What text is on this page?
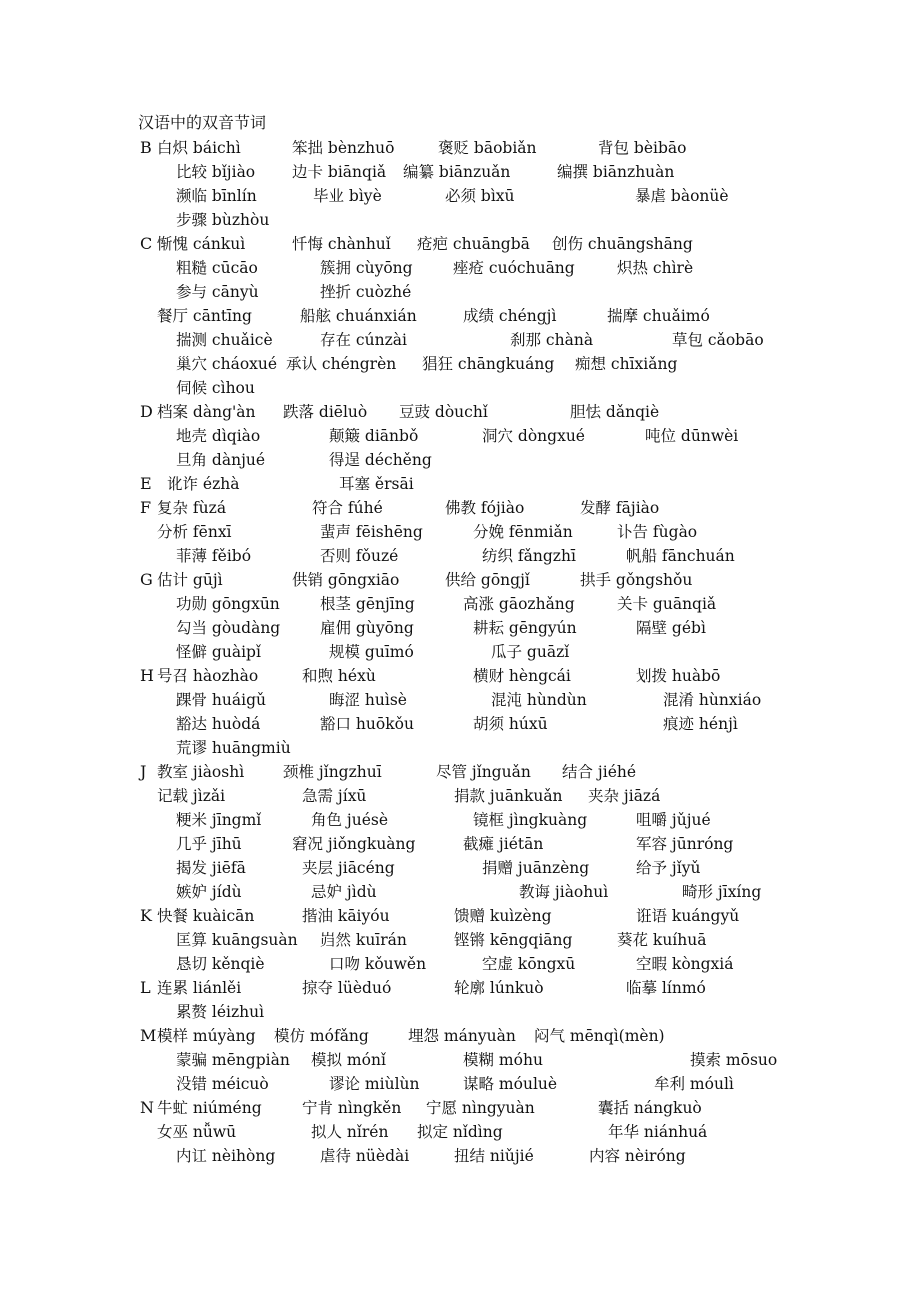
汉语中的双音节词
B 白炽 báichì	笨拙 bènzhuō	褒贬 bāobiǎn	背包 bèibāo
比较 bǐjiào 边卡 biānqiǎ 编纂 biānzuǎn	编撰 biānzhuàn
濒临 bīnlín	毕业 bìyè	必须 bìxū	暴虐 bàonüè
步骤 bùzhòu
C 惭愧 cánkuì	忏悔 chànhuǐ 疮疤 chuāngbā 创伤 chuāngshāng
粗糙 cūcāo	簇拥 cùyōng	痤疮 cuóchuāng	炽热 chìrè
参与 cānyù	挫折 cuòzhé
餐厅 cāntīng	船舷 chuánxián	成绩 chéngjì	揣摩 chuǎimó
揣测 chuǎicè	存在 cúnzài	刹那 chànà	草包 cǎobāo
巢穴 cháoxué 承认 chéngrèn 猖狂 chāngkuáng 痴想 chīxiǎng
伺候 cìhou
D 档案 dàng'àn 跌落 diēluò 豆豉 dòuchǐ	胆怯 dǎnqiè
地壳 dìqiào	颠簸 diānbǒ	洞穴 dòngxué	吨位 dūnwèi
旦角 dànjué	得逞 déchěng
E 讹诈 ézhà	耳塞 ěrsāi
F 复杂 fùzá	符合 fúhé	佛教 fójiào	发酵 fājiào
分析 fēnxī	蜚声 fēishēng	分娩 fēnmiǎn	讣告 fùgào
菲薄 fěibó	否则 fǒuzé	纺织 fǎngzhī	帆船 fānchuán
G 估计 gūjì	供销 gōngxiāo	供给 gōngjǐ	拱手 gǒngshǒu
功勋 gōngxūn	根茎 gēnjīng	高涨 gāozhǎng	关卡 guānqiǎ
勾当 gòudàng	雇佣 gùyōng	耕耘 gēngyún	隔壁 gébì
怪僻 guàipǐ	规模 guīmó	瓜子 guāzǐ
H 号召 hàozhào	和煦 héxù	横财 hèngcái	划拨 huàbō
踝骨 huáigǔ	晦涩 huìsè	混沌 hùndùn	混淆 hùnxiáo
豁达 huòdá	豁口 huōkǒu	胡须 húxū	痕迹 hénjì
荒谬 huāngmiù
J 教室 jiàoshì	颈椎 jǐngzhuī	尽管 jǐnguǎn 结合 jiéhé
记载 jìzǎi	急需 jíxū	捐款 juānkuǎn 夹杂 jiāzá
粳米 jīngmǐ	角色 juésè	镜框 jìngkuàng	咀嚼 jǔjué
几乎 jīhū	窘况 jiǒngkuàng	截瘫 jiétān	军容 jūnróng
揭发 jiēfā	夹层 jiācéng	捐赠 juānzèng	给予 jǐyǔ
嫉妒 jídù	忌妒 jìdù	教诲 jiàohuì	畸形 jīxíng
K 快餐 kuàicān	揩油 kāiyóu	馈赠 kuìzèng	诳语 kuángyǔ
匡算 kuāngsuàn 岿然 kuīrán	铿锵 kēngqiāng	葵花 kuíhuā
恳切 kěnqiè	口吻 kǒuwěn	空虚 kōngxū	空暇 kòngxiá
L 连累 liánlěi	掠夺 lüèduó	轮廓 lúnkuò	临摹 línmó
累赘 léizhuì
M 模样 múyàng 模仿 mófǎng	埋怨 mányuàn 闷气 mēnqì(mèn)
蒙骗 mēngpiàn 模拟 mónǐ	模糊 móhu	摸索 mōsuo
没错 méicuò	谬论 miùlùn	谋略 móuluè	牟利 móulì
N 牛虻 niúméng	宁肯 nìngkěn 宁愿 nìngyuàn	囊括 nángkuò
女巫 nǚwū	拟人 nǐrén 拟定 nǐdìng	年华 niánhuá
内讧 nèihòng	虐待 nüèdài	扭结 niǔjié	内容 nèiróng
